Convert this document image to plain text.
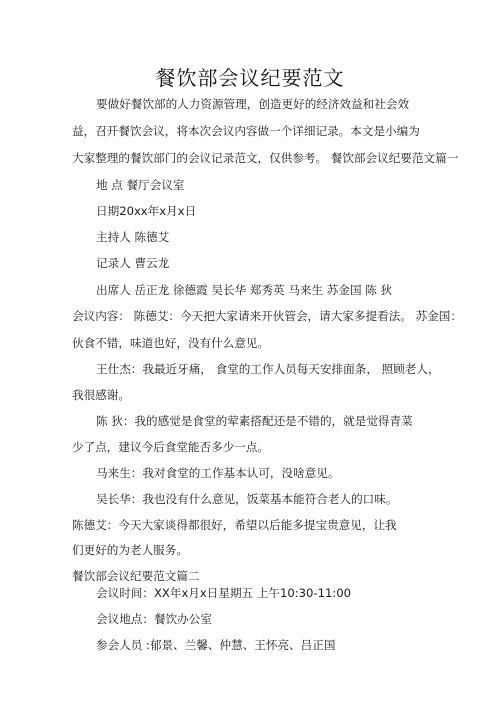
餐饮部会议纪要范文
要做好餐饮部的人力资源管理，创造更好的经济效益和社会效
益，召开餐饮会议，将本次会议内容做一个详细记录。本文是小编为
大家整理的餐饮部门的会议记录范文，仅供参考。 餐饮部会议纪要范文篇一
地 点 餐厅会议室
日期20xx年x月x日
主持人 陈德艾
记录人 曹云龙
出席人 岳正龙 徐德霞 吴长华 郑秀英 马来生 苏金国 陈 狄
会议内容： 陈德艾：今天把大家请来开伙管会，请大家多提看法。 苏金国：
伙食不错，味道也好，没有什么意见。
王仕杰：我最近牙痛， 食堂的工作人员每天安排面条， 照顾老人，
我很感谢。
陈 狄：我的感觉是食堂的荤素搭配还是不错的，就是觉得青菜
少了点，建议今后食堂能否多少一点。
马来生：我对食堂的工作基本认可，没啥意见。
吴长华：我也没有什么意见，饭菜基本能符合老人的口味。
陈德艾：今天大家谈得都很好，希望以后能多提宝贵意见，让我
们更好的为老人服务。
餐饮部会议纪要范文篇二
会议时间：XX年x月x日星期五 上午10:30-11:00
会议地点：餐饮办公室
参会人员 :郁景、兰馨、仲慧、王怀亮、吕正国
